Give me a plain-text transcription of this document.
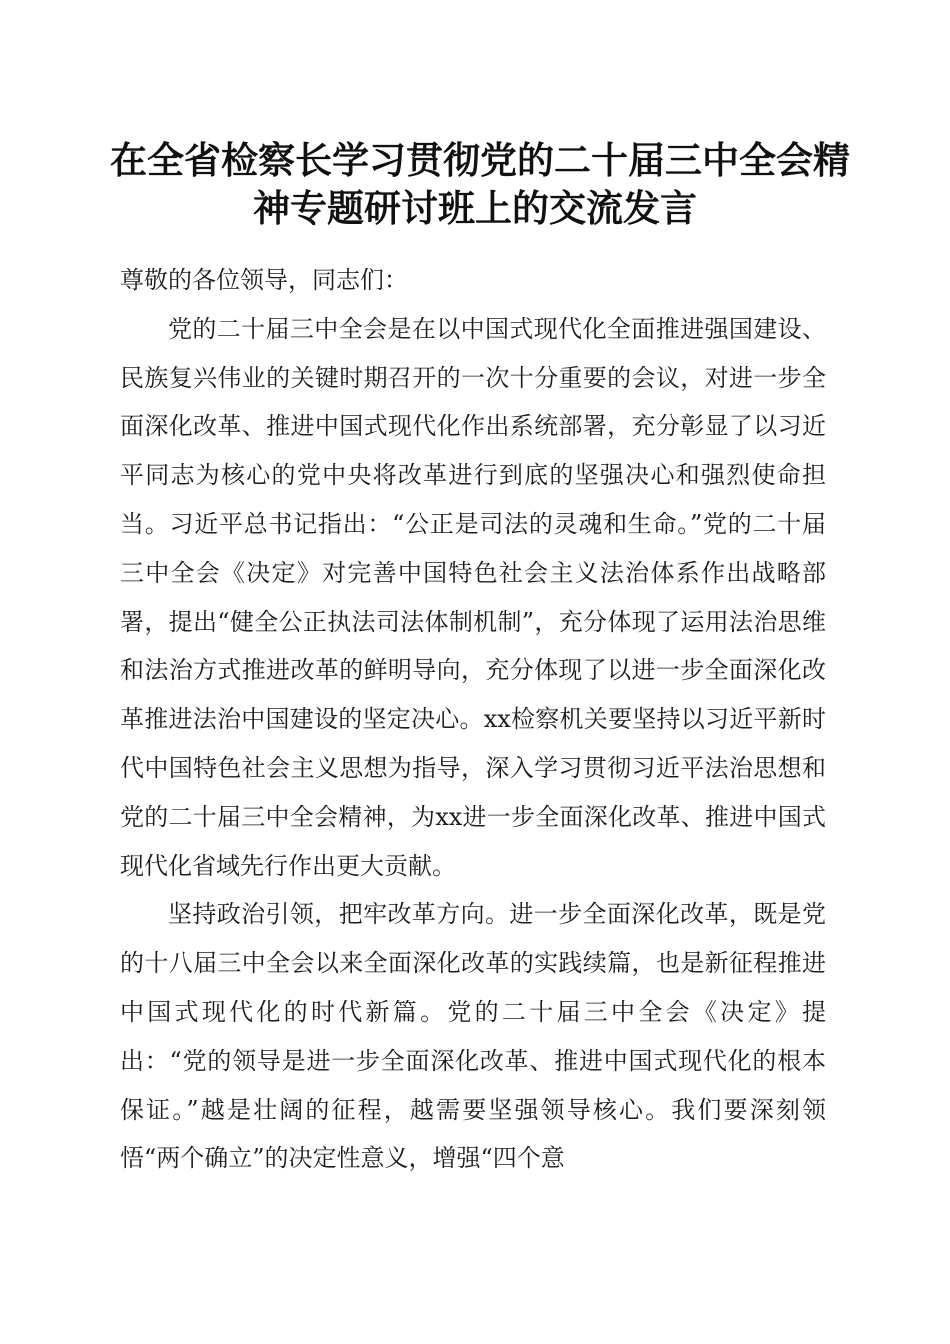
在全省检察长学习贯彻党的二十届三中全会精
神专题研讨班上的交流发言

尊敬的各位领导，同志们：

党的二十届三中全会是在以中国式现代化全面推进强国建设、民族复兴伟业的关键时期召开的一次十分重要的会议，对进一步全面深化改革、推进中国式现代化作出系统部署，充分彰显了以习近平同志为核心的党中央将改革进行到底的坚强决心和强烈使命担当。习近平总书记指出：“公正是司法的灵魂和生命。”党的二十届三中全会《决定》对完善中国特色社会主义法治体系作出战略部署，提出“健全公正执法司法体制机制”，充分体现了运用法治思维和法治方式推进改革的鲜明导向，充分体现了以进一步全面深化改革推进法治中国建设的坚定决心。xx检察机关要坚持以习近平新时代中国特色社会主义思想为指导，深入学习贯彻习近平法治思想和党的二十届三中全会精神，为xx进一步全面深化改革、推进中国式现代化省域先行作出更大贡献。

坚持政治引领，把牢改革方向。进一步全面深化改革，既是党的十八届三中全会以来全面深化改革的实践续篇，也是新征程推进中国式现代化的时代新篇。党的二十届三中全会《决定》提出：“党的领导是进一步全面深化改革、推进中国式现代化的根本保证。”越是壮阔的征程，越需要坚强领导核心。我们要深刻领悟“两个确立”的决定性意义，增强“四个意
